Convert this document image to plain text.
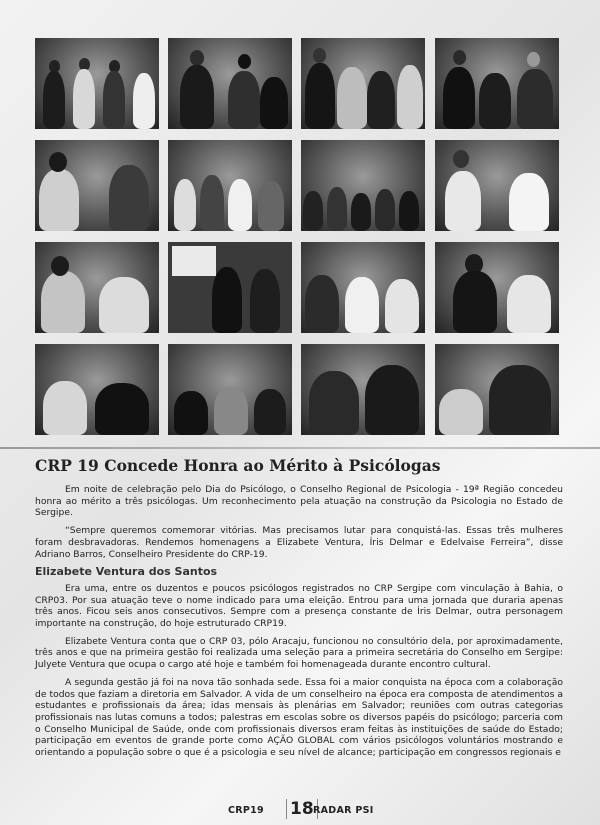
CRP 19 Concede Honra ao Mérito à Psicólogas

Em noite de celebração pelo Dia do Psicólogo, o Conselho Regional de Psicologia - 19ª Região concedeu honra ao mérito a três psicólogas. Um reconhecimento pela atuação na construção da Psicologia no Estado de Sergipe.

“Sempre queremos comemorar vitórias. Mas precisamos lutar para conquistá-las. Essas três mulheres foram desbravadoras. Rendemos homenagens a Elizabete Ventura, Íris Delmar e Edelvaise Ferreira”, disse Adriano Barros, Conselheiro Presidente do CRP-19.

Elizabete Ventura dos Santos

Era uma, entre os duzentos e poucos psicólogos registrados no CRP Sergipe com vinculação à Bahia, o CRP03. Por sua atuação teve o nome indicado para uma eleição. Entrou para uma jornada que duraria apenas três anos. Ficou seis anos consecutivos. Sempre com a presença constante de Íris Delmar, outra personagem importante na construção, do hoje estruturado CRP19.

Elizabete Ventura conta que o CRP 03, pólo Aracaju, funcionou no consultório dela, por aproximadamente, três anos e que na primeira gestão foi realizada uma seleção para a primeira secretária do Conselho em Sergipe: Julyete Ventura que ocupa o cargo até hoje e também foi homenageada durante encontro cultural.

A segunda gestão já foi na nova tão sonhada sede. Essa foi a maior conquista na época com a colaboração de todos que faziam a diretoria em Salvador. A vida de um conselheiro na época era composta de atendimentos a estudantes e profissionais da área; idas mensais às plenárias em Salvador; reuniões com outras categorias profissionais nas lutas comuns a todos; palestras em escolas sobre os diversos papéis do psicólogo; parceria com o Conselho Municipal de Saúde, onde com profissionais diversos eram feitas às instituições de saúde do Estado; participação em eventos de grande porte como AÇÃO GLOBAL com vários psicólogos voluntários mostrando e orientando a população sobre o que é a psicologia e seu nível de alcance; participação em congressos regionais e

CRP19 18 RADAR PSI
